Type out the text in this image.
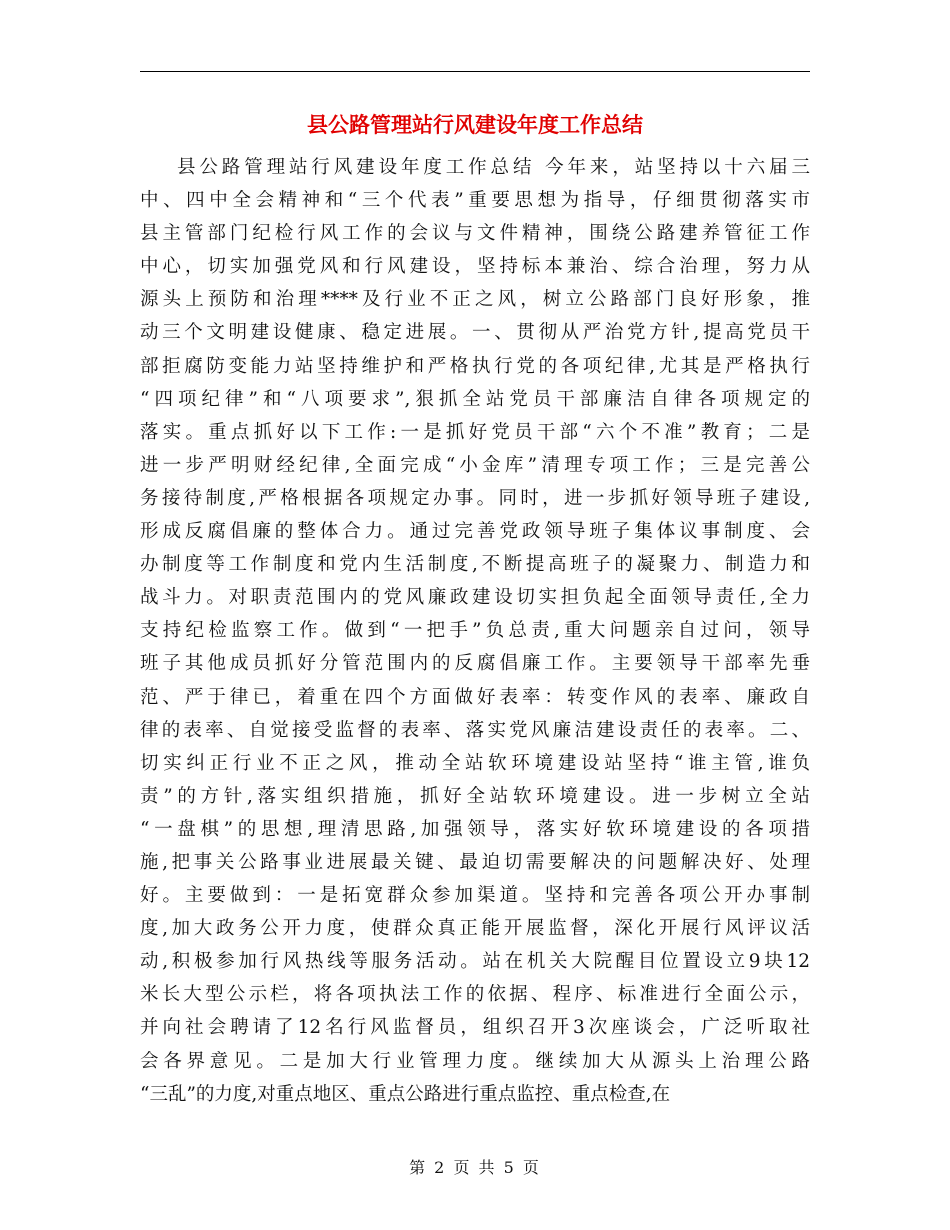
县公路管理站行风建设年度工作总结
县公路管理站行风建设年度工作总结 今年来，站坚持以十六届三
中、四中全会精神和“三个代表”重要思想为指导，仔细贯彻落实市
县主管部门纪检行风工作的会议与文件精神，围绕公路建养管征工作
中心，切实加强党风和行风建设，坚持标本兼治、综合治理，努力从
源头上预防和治理****及行业不正之风，树立公路部门良好形象，推
动三个文明建设健康、稳定进展。一、贯彻从严治党方针,提高党员干
部拒腐防变能力站坚持维护和严格执行党的各项纪律,尤其是严格执行
“四项纪律”和“八项要求”,狠抓全站党员干部廉洁自律各项规定的
落实。重点抓好以下工作:一是抓好党员干部“六个不准”教育；二是
进一步严明财经纪律,全面完成“小金库”清理专项工作；三是完善公
务接待制度,严格根据各项规定办事。同时，进一步抓好领导班子建设,
形成反腐倡廉的整体合力。通过完善党政领导班子集体议事制度、会
办制度等工作制度和党内生活制度,不断提高班子的凝聚力、制造力和
战斗力。对职责范围内的党风廉政建设切实担负起全面领导责任,全力
支持纪检监察工作。做到“一把手”负总责,重大问题亲自过问，领导
班子其他成员抓好分管范围内的反腐倡廉工作。主要领导干部率先垂
范、严于律已，着重在四个方面做好表率：转变作风的表率、廉政自
律的表率、自觉接受监督的表率、落实党风廉洁建设责任的表率。二、
切实纠正行业不正之风，推动全站软环境建设站坚持“谁主管,谁负
责”的方针,落实组织措施，抓好全站软环境建设。进一步树立全站
“一盘棋”的思想,理清思路,加强领导，落实好软环境建设的各项措
施,把事关公路事业进展最关键、最迫切需要解决的问题解决好、处理
好。主要做到：一是拓宽群众参加渠道。坚持和完善各项公开办事制
度,加大政务公开力度，使群众真正能开展监督，深化开展行风评议活
动,积极参加行风热线等服务活动。站在机关大院醒目位置设立9块12
米长大型公示栏，将各项执法工作的依据、程序、标准进行全面公示，
并向社会聘请了12名行风监督员，组织召开3次座谈会，广泛听取社
会各界意见。二是加大行业管理力度。继续加大从源头上治理公路
“三乱”的力度,对重点地区、重点公路进行重点监控、重点检查,在
第 2 页 共 5 页
